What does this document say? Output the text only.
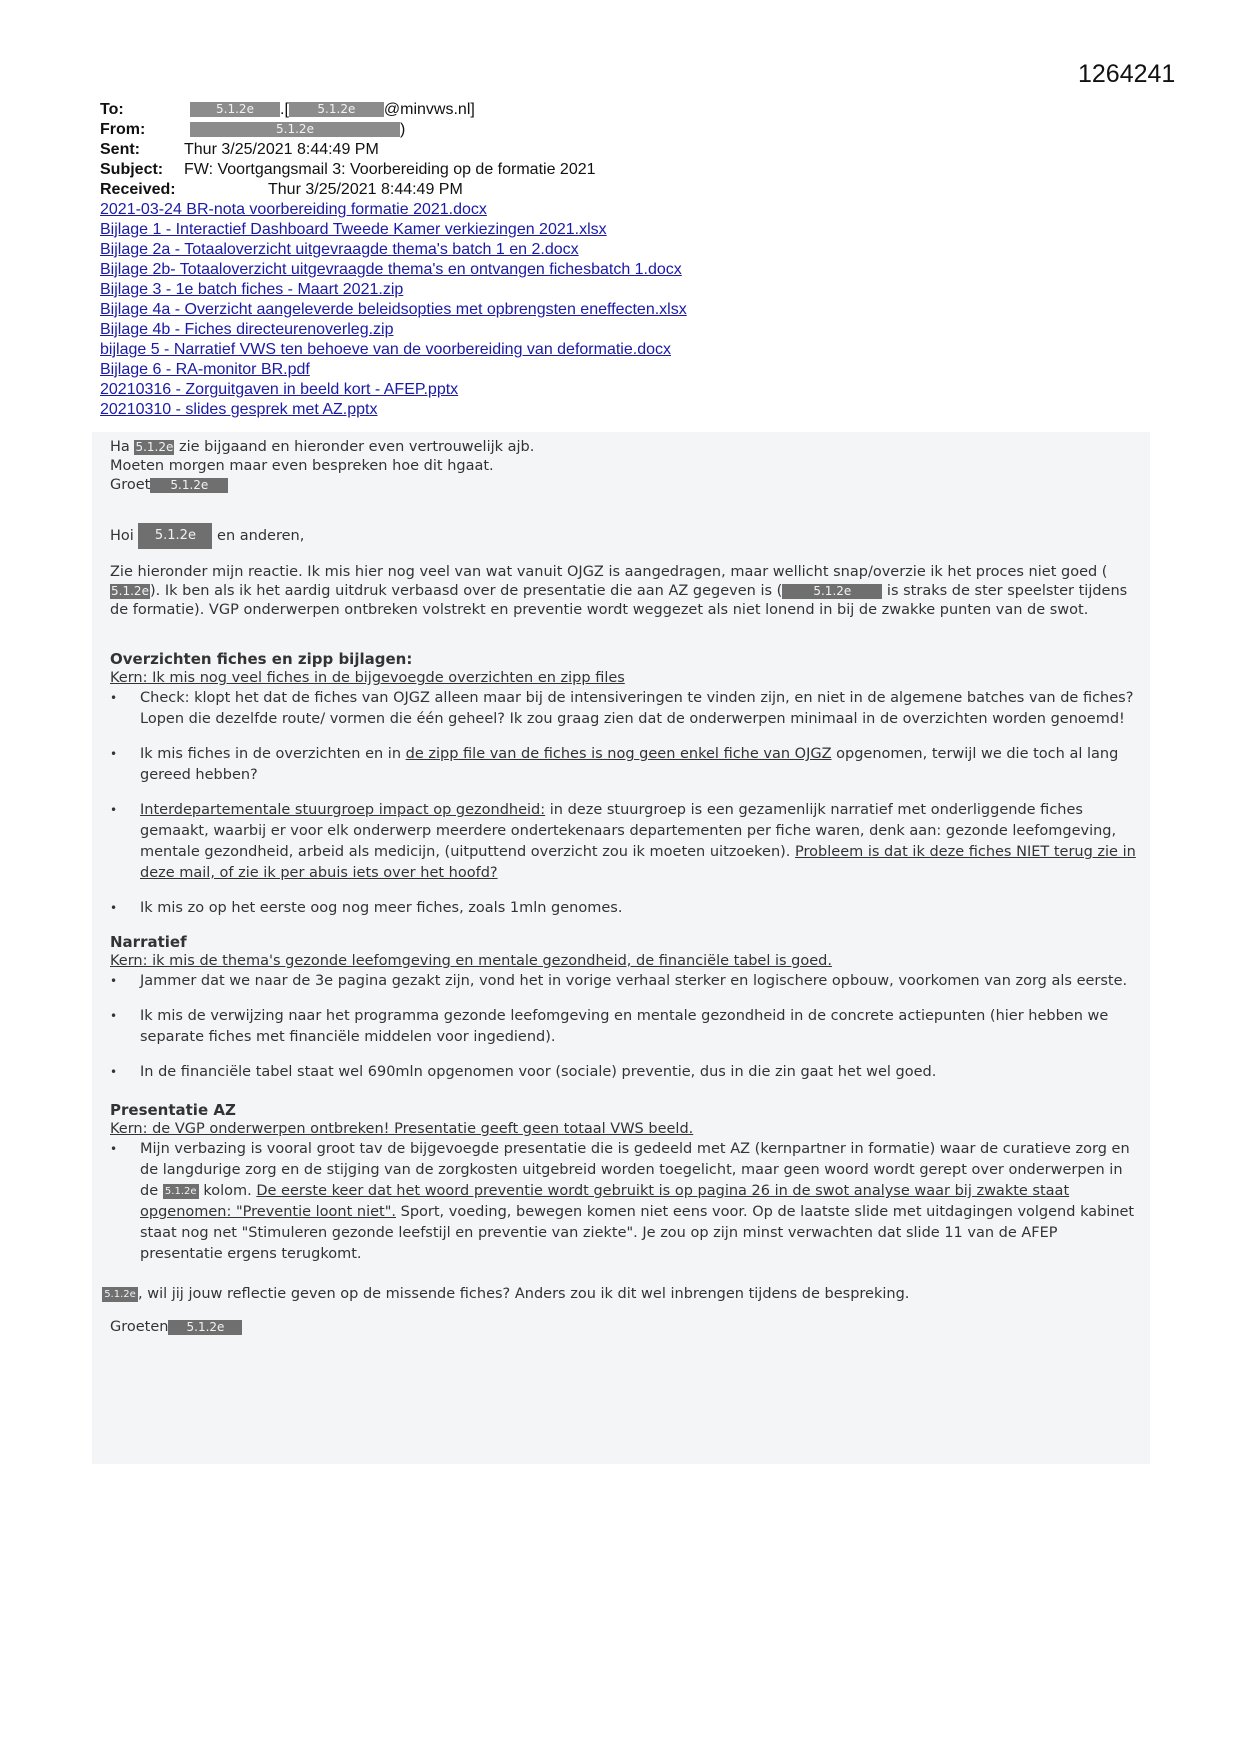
1264241
To:	5.1.2e .[ 5.1.2e @minvws.nl]
From:	5.1.2e	)
Sent:	Thur 3/25/2021 8:44:49 PM
Subject: FW: Voortgangsmail 3: Voorbereiding op de formatie 2021
Received:	Thur 3/25/2021 8:44:49 PM
2021-03-24 BR-nota voorbereiding formatie 2021.docx
Bijlage 1 - Interactief Dashboard Tweede Kamer verkiezingen 2021.xlsx
Bijlage 2a - Totaaloverzicht uitgevraagde thema's batch 1 en 2.docx
Bijlage 2b- Totaaloverzicht uitgevraagde thema's en ontvangen fichesbatch 1.docx
Bijlage 3 - 1e batch fiches - Maart 2021.zip
Bijlage 4a - Overzicht aangeleverde beleidsopties met opbrengsten eneffecten.xlsx
Bijlage 4b - Fiches directeurenoverleg.zip
bijlage 5 - Narratief VWS ten behoeve van de voorbereiding van deformatie.docx
Bijlage 6 - RA-monitor BR.pdf
20210316 - Zorguitgaven in beeld kort - AFEP.pptx
20210310 - slides gesprek met AZ.pptx

Ha 5.1.2e zie bijgaand en hieronder even vertrouwelijk ajb.

Moeten morgen maar even bespreken hoe dit hgaat.

Groet 5.1.2e

Hoi 5.1.2e en anderen,

Zie hieronder mijn reactie. Ik mis hier nog veel van wat vanuit OJGZ is aangedragen, maar wellicht snap/overzie ik het proces niet goed (5.1.2e). Ik ben als ik het aardig uitdruk verbaasd over de presentatie die aan AZ gegeven is (	5.1.2e is straks de ster speelster tijdens de formatie). VGP onderwerpen ontbreken volstrekt en preventie wordt weggezet als niet lonend in bij de zwakke punten van de swot.

Overzichten fiches en zipp bijlagen:

Kern: Ik mis nog veel fiches in de bijgevoegde overzichten en zipp files

• Check: klopt het dat de fiches van OJGZ alleen maar bij de intensiveringen te vinden zijn, en niet in de algemene batches van de fiches? Lopen die dezelfde route/ vormen die één geheel? Ik zou graag zien dat de onderwerpen minimaal in de overzichten worden genoemd!
• Ik mis fiches in de overzichten en in de zipp file van de fiches is nog geen enkel fiche van OJGZ opgenomen, terwijl we die toch al lang gereed hebben?
• Interdepartementale stuurgroep impact op gezondheid: in deze stuurgroep is een gezamenlijk narratief met onderliggende fiches gemaakt, waarbij er voor elk onderwerp meerdere ondertekenaars departementen per fiche waren, denk aan: gezonde leefomgeving, mentale gezondheid, arbeid als medicijn, (uitputtend overzicht zou ik moeten uitzoeken). Probleem is dat ik deze fiches NIET terug zie in deze mail, of zie ik per abuis iets over het hoofd?
• Ik mis zo op het eerste oog nog meer fiches, zoals 1mln genomes.

Narratief

Kern: ik mis de thema's gezonde leefomgeving en mentale gezondheid, de financiële tabel is goed.

• Jammer dat we naar de 3e pagina gezakt zijn, vond het in vorige verhaal sterker en logischere opbouw, voorkomen van zorg als eerste.
• Ik mis de verwijzing naar het programma gezonde leefomgeving en mentale gezondheid in de concrete actiepunten (hier hebben we separate fiches met financiële middelen voor ingediend).
• In de financiële tabel staat wel 690mln opgenomen voor (sociale) preventie, dus in die zin gaat het wel goed.

Presentatie AZ

Kern: de VGP onderwerpen ontbreken! Presentatie geeft geen totaal VWS beeld.

• Mijn verbazing is vooral groot tav de bijgevoegde presentatie die is gedeeld met AZ (kernpartner in formatie) waar de curatieve zorg en de langdurige zorg en de stijging van de zorgkosten uitgebreid worden toegelicht, maar geen woord wordt gerept over onderwerpen in de 5.1.2e kolom. De eerste keer dat het woord preventie wordt gebruikt is op pagina 26 in de swot analyse waar bij zwakte staat opgenomen: "Preventie loont niet". Sport, voeding, bewegen komen niet eens voor. Op de laatste slide met uitdagingen volgend kabinet staat nog net "Stimuleren gezonde leefstijl en preventie van ziekte". Je zou op zijn minst verwachten dat slide 11 van de AFEP presentatie ergens terugkomt.

5.1.2e , wil jij jouw reflectie geven op de missende fiches? Anders zou ik dit wel inbrengen tijdens de bespreking.

Groeten 5.1.2e
